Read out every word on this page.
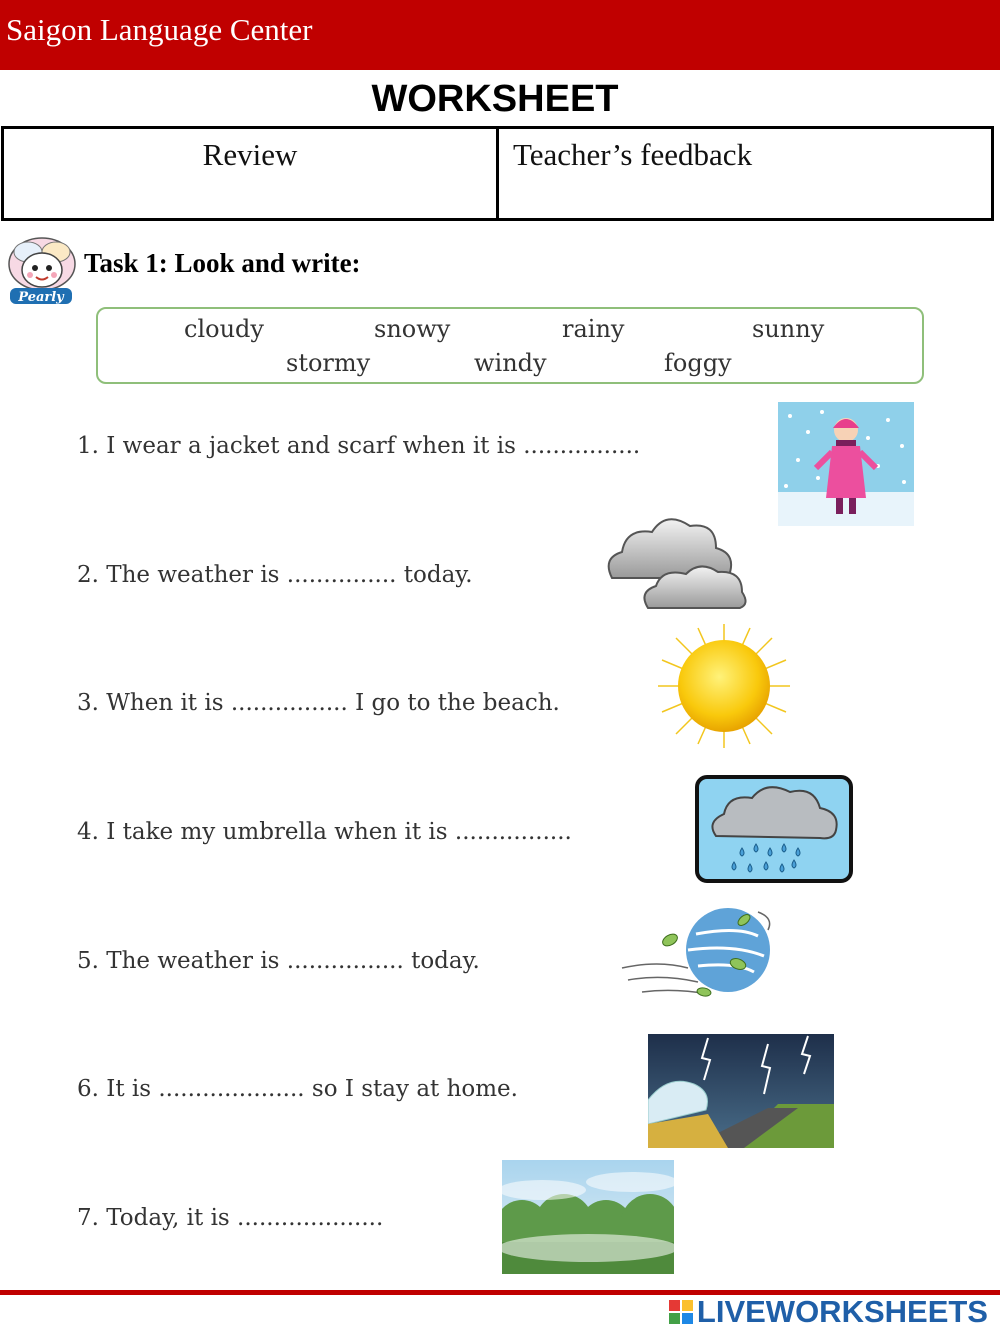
Saigon Language Center
WORKSHEET
Review	Teacher’s feedback
Pearly
Task 1: Look and write:
cloudy	snowy	rainy	sunny
stormy	windy	foggy
1. I wear a jacket and scarf when it is ................
2. The weather is ............... today.
3. When it is ................ I go to the beach.
4. I take my umbrella when it is ................
5. The weather is ................ today.
6. It is .................... so I stay at home.
7. Today, it is ....................
LIVEWORKSHEETS
